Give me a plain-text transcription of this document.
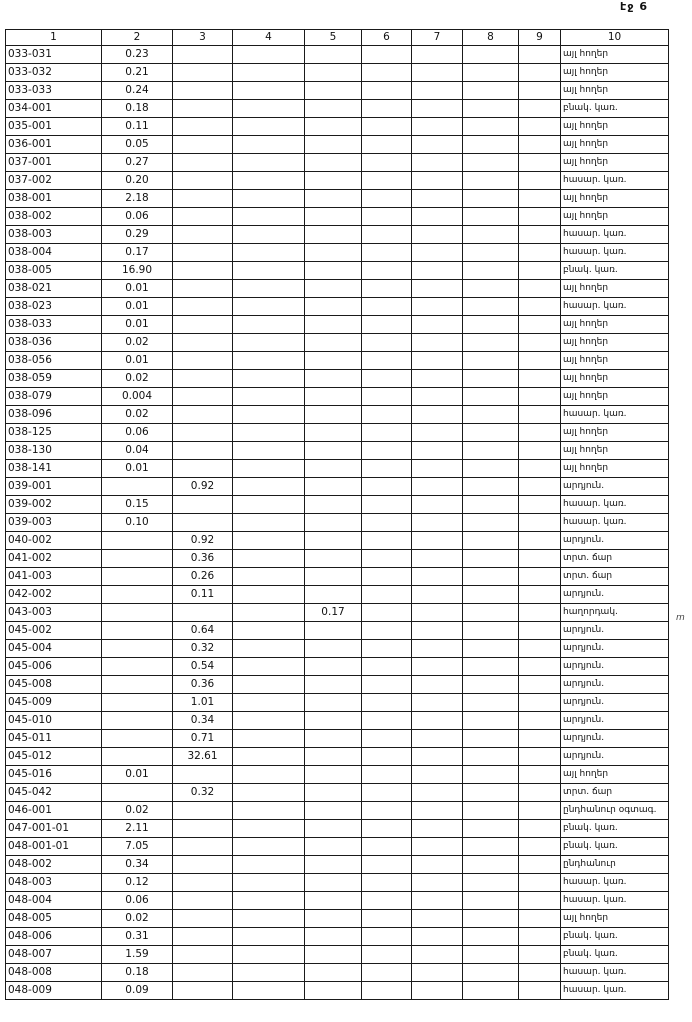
էջ 6
m
1	2	3	4	5	6	7	8	9	10
033-031	0.23								այլ հողեր
033-032	0.21								այլ հողեր
033-033	0.24								այլ հողեր
034-001	0.18								բնակ. կառ.
035-001	0.11								այլ հողեր
036-001	0.05								այլ հողեր
037-001	0.27								այլ հողեր
037-002	0.20								հասար. կառ.
038-001	2.18								այլ հողեր
038-002	0.06								այլ հողեր
038-003	0.29								հասար. կառ.
038-004	0.17								հասար. կառ.
038-005	16.90								բնակ. կառ.
038-021	0.01								այլ հողեր
038-023	0.01								հասար. կառ.
038-033	0.01								այլ հողեր
038-036	0.02								այլ հողեր
038-056	0.01								այլ հողեր
038-059	0.02								այլ հողեր
038-079	0.004								այլ հողեր
038-096	0.02								հասար. կառ.
038-125	0.06								այլ հողեր
038-130	0.04								այլ հողեր
038-141	0.01								այլ հողեր
039-001		0.92							արդյուն.
039-002	0.15								հասար. կառ.
039-003	0.10								հասար. կառ.
040-002		0.92							արդյուն.
041-002		0.36							տրտ. ճար
041-003		0.26							տրտ. ճար
042-002		0.11							արդյուն.
043-003				0.17					հաղորդակ.
045-002		0.64							արդյուն.
045-004		0.32							արդյուն.
045-006		0.54							արդյուն.
045-008		0.36							արդյուն.
045-009		1.01							արդյուն.
045-010		0.34							արդյուն.
045-011		0.71							արդյուն.
045-012		32.61							արդյուն.
045-016	0.01								այլ հողեր
045-042		0.32							տրտ. ճար
046-001	0.02								ընդհանուր օգտագ.
047-001-01	2.11								բնակ. կառ.
048-001-01	7.05								բնակ. կառ.
048-002	0.34								ընդհանուր
048-003	0.12								հասար. կառ.
048-004	0.06								հասար. կառ.
048-005	0.02								այլ հողեր
048-006	0.31								բնակ. կառ.
048-007	1.59								բնակ. կառ.
048-008	0.18								հասար. կառ.
048-009	0.09								հասար. կառ.
